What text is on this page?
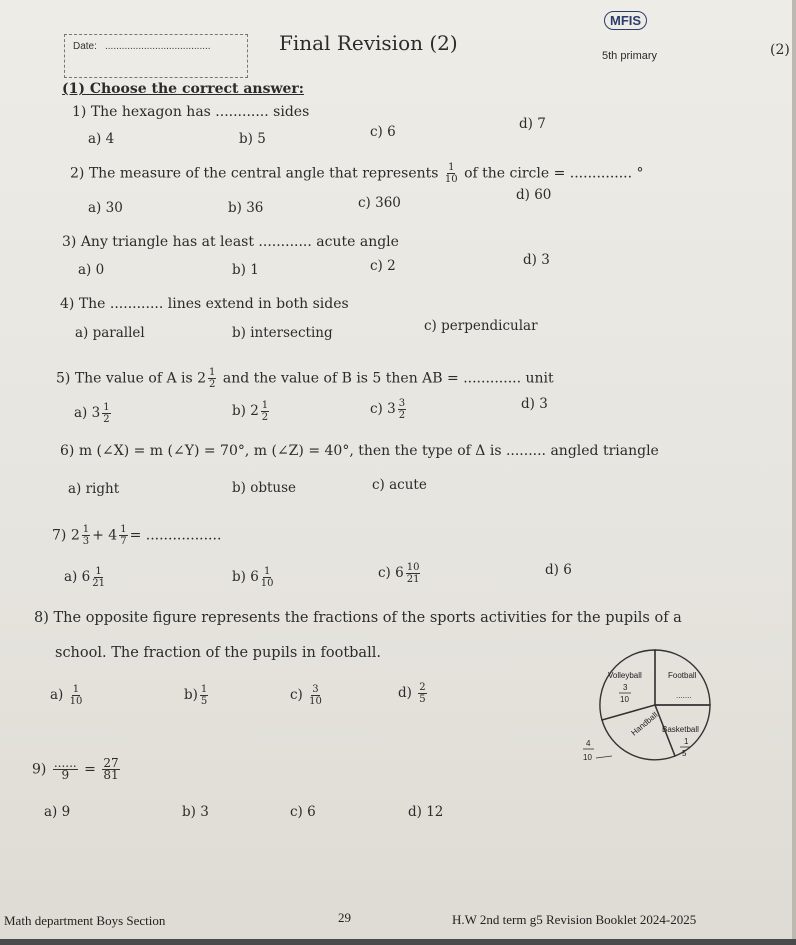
Date: ......................................	Final Revision (2)
MFIS
5th primary	(2)
(1) Choose the correct answer:
1) The hexagon has ............ sides
a) 4	b) 5	c) 6	d) 7
2) The measure of the central angle that represents $\frac{1}{10}$ of the circle = .............. °
a) 30	b) 36	c) 360	d) 60
3) Any triangle has at least ............ acute angle
a) 0	b) 1	c) 2	d) 3
4) The ............ lines extend in both sides
a) parallel	b) intersecting	c) perpendicular
5) The value of A is $2 \frac{1}{2}$ and the value of B is 5 then AB = ............. unit
a) $3 \frac{1}{2}$	b) $2 \frac{1}{2}$	c) $3 \frac{3}{2}$	d) 3
6) m (∠X) = m (∠Y) = 70°, m (∠Z) = 40°, then the type of Δ is ......... angled triangle
a) right	b) obtuse	c) acute
7) $2 \frac{1}{3} + 4 \frac{1}{7}$ = .................
a) $6 \frac{1}{21}$	b) $6 \frac{1}{10}$	c) $6 \frac{10}{21}$	d) 6
8) The opposite figure represents the fractions of the sports activities for the pupils of a
school. The fraction of the pupils in football.
$a) \frac{1}{10}$	$b) \frac{1}{5}$	$c) \frac{3}{10}$	$d) \frac{2}{5}$
Volleyball
3
10
Football
.......
Handball Basketball
1
5
4
10
$9) \frac{......}{9} = \frac{27}{81}$
a) 9	b) 3	c) 6	d) 12
Math department Boys Section	29	H.W 2nd term g5 Revision Booklet 2024-2025
